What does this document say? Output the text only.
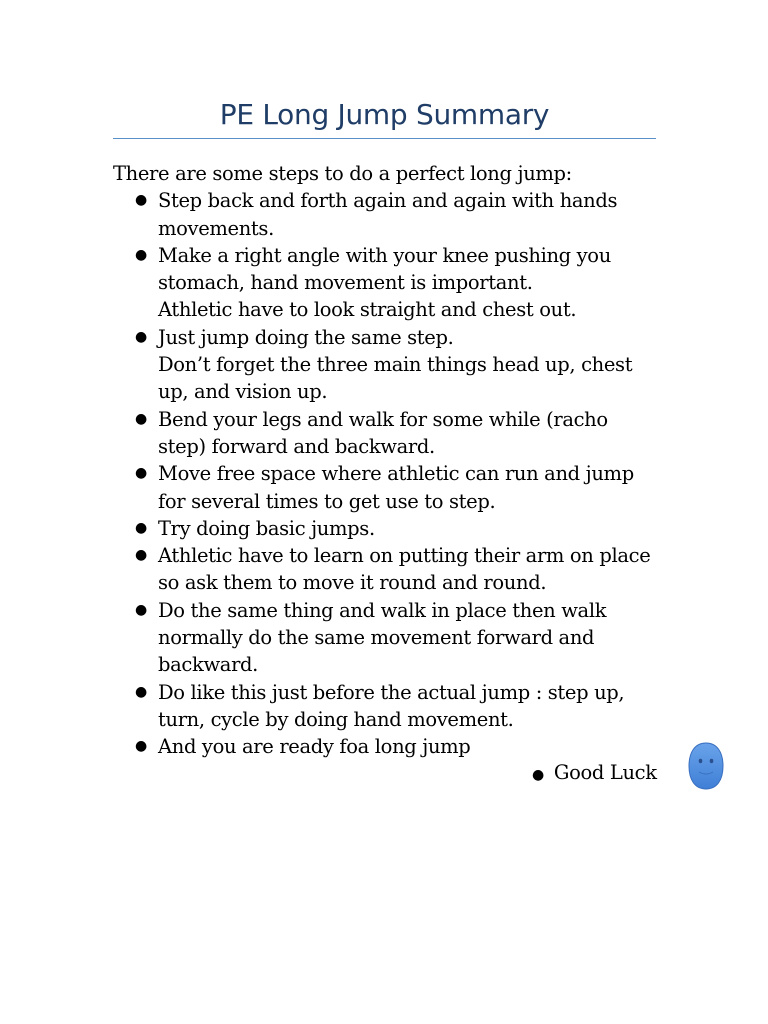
PE Long Jump Summary

There are some steps to do a perfect long jump:

● Step back and forth again and again with hands
movements.
● Make a right angle with your knee pushing you
stomach, hand movement is important.
Athletic have to look straight and chest out.
● Just jump doing the same step.
Don’t forget the three main things head up, chest
up, and vision up.
● Bend your legs and walk for some while (racho
step) forward and backward.
● Move free space where athletic can run and jump
for several times to get use to step.
● Try doing basic jumps.
● Athletic have to learn on putting their arm on place
so ask them to move it round and round.
● Do the same thing and walk in place then walk
normally do the same movement forward and
backward.
● Do like this just before the actual jump : step up,
turn, cycle by doing hand movement.
● And you are ready foa long jump
● Good Luck
